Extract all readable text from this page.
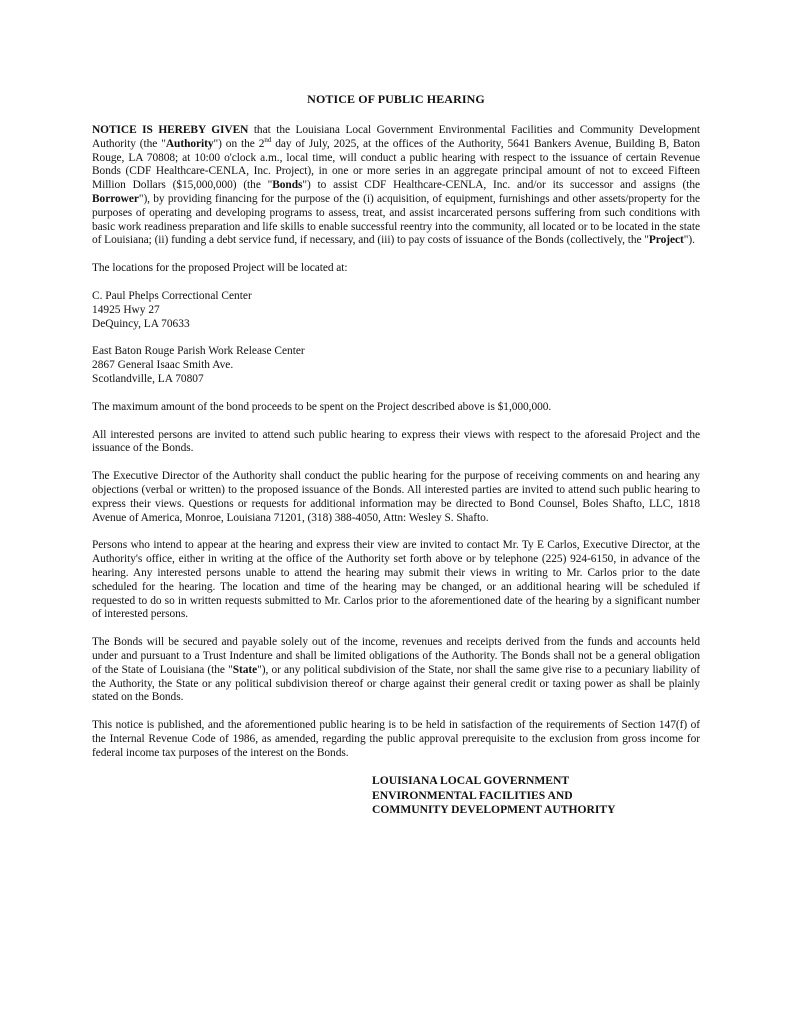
NOTICE OF PUBLIC HEARING

NOTICE IS HEREBY GIVEN that the Louisiana Local Government Environmental Facilities and Community Development Authority (the "Authority") on the 2nd day of July, 2025, at the offices of the Authority, 5641 Bankers Avenue, Building B, Baton Rouge, LA 70808; at 10:00 o'clock a.m., local time, will conduct a public hearing with respect to the issuance of certain Revenue Bonds (CDF Healthcare-CENLA, Inc. Project), in one or more series in an aggregate principal amount of not to exceed Fifteen Million Dollars ($15,000,000) (the "Bonds") to assist CDF Healthcare-CENLA, Inc. and/or its successor and assigns (the Borrower"), by providing financing for the purpose of the (i) acquisition, of equipment, furnishings and other assets/property for the purposes of operating and developing programs to assess, treat, and assist incarcerated persons suffering from such conditions with basic work readiness preparation and life skills to enable successful reentry into the community, all located or to be located in the state of Louisiana; (ii) funding a debt service fund, if necessary, and (iii) to pay costs of issuance of the Bonds (collectively, the "Project").

The locations for the proposed Project will be located at:

C. Paul Phelps Correctional Center
14925 Hwy 27
DeQuincy, LA 70633
East Baton Rouge Parish Work Release Center
2867 General Isaac Smith Ave.
Scotlandville, LA 70807

The maximum amount of the bond proceeds to be spent on the Project described above is $1,000,000.

All interested persons are invited to attend such public hearing to express their views with respect to the aforesaid Project and the issuance of the Bonds.

The Executive Director of the Authority shall conduct the public hearing for the purpose of receiving comments on and hearing any objections (verbal or written) to the proposed issuance of the Bonds. All interested parties are invited to attend such public hearing to express their views. Questions or requests for additional information may be directed to Bond Counsel, Boles Shafto, LLC, 1818 Avenue of America, Monroe, Louisiana 71201, (318) 388-4050, Attn: Wesley S. Shafto.

Persons who intend to appear at the hearing and express their view are invited to contact Mr. Ty E Carlos, Executive Director, at the Authority's office, either in writing at the office of the Authority set forth above or by telephone (225) 924-6150, in advance of the hearing. Any interested persons unable to attend the hearing may submit their views in writing to Mr. Carlos prior to the date scheduled for the hearing. The location and time of the hearing may be changed, or an additional hearing will be scheduled if requested to do so in written requests submitted to Mr. Carlos prior to the aforementioned date of the hearing by a significant number of interested persons.

The Bonds will be secured and payable solely out of the income, revenues and receipts derived from the funds and accounts held under and pursuant to a Trust Indenture and shall be limited obligations of the Authority. The Bonds shall not be a general obligation of the State of Louisiana (the "State"), or any political subdivision of the State, nor shall the same give rise to a pecuniary liability of the Authority, the State or any political subdivision thereof or charge against their general credit or taxing power as shall be plainly stated on the Bonds.

This notice is published, and the aforementioned public hearing is to be held in satisfaction of the requirements of Section 147(f) of the Internal Revenue Code of 1986, as amended, regarding the public approval prerequisite to the exclusion from gross income for federal income tax purposes of the interest on the Bonds.

LOUISIANA LOCAL GOVERNMENT
ENVIRONMENTAL FACILITIES AND
COMMUNITY DEVELOPMENT AUTHORITY
